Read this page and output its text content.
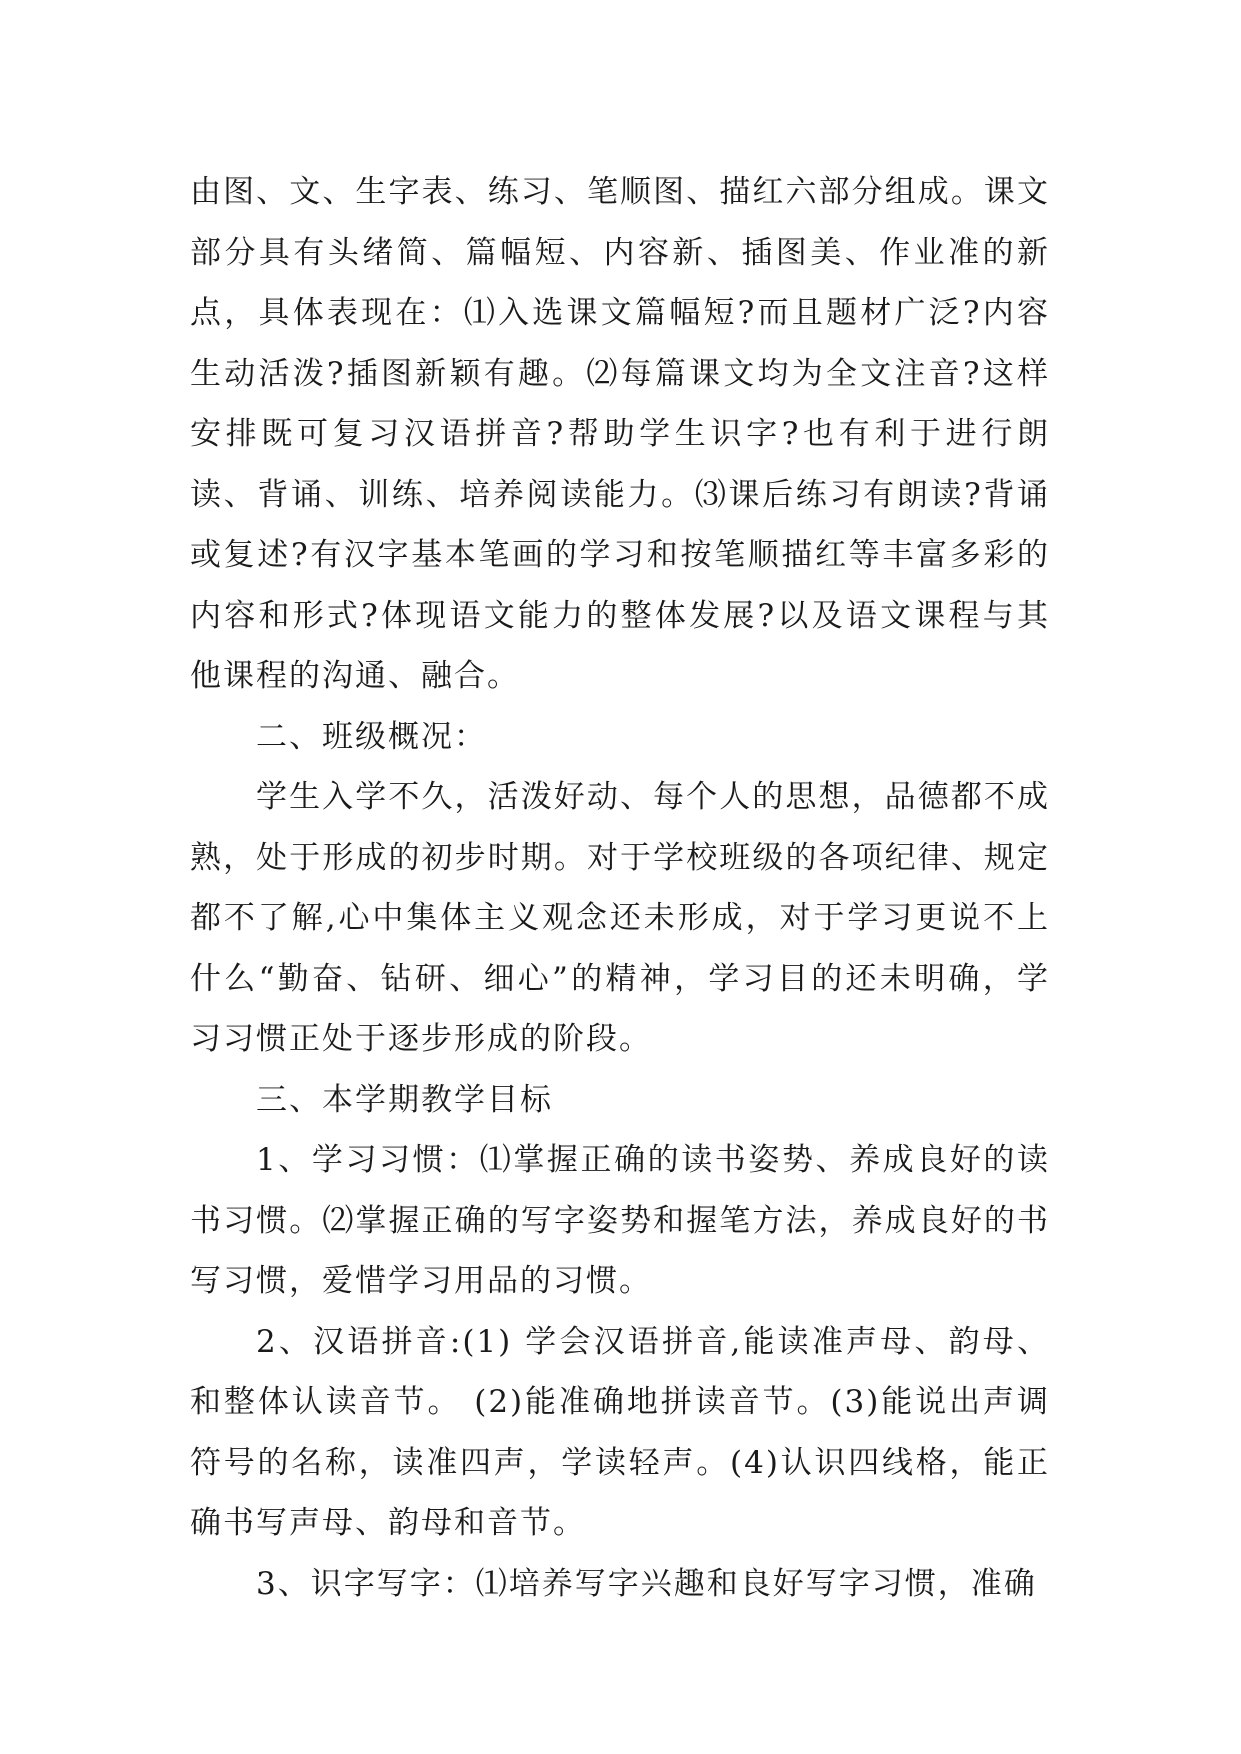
由图、文、生字表、练习、笔顺图、描红六部分组成。课文部分具有头绪简、篇幅短、内容新、插图美、作业准的新点，具体表现在：⑴入选课文篇幅短?而且题材广泛?内容生动活泼?插图新颖有趣。⑵每篇课文均为全文注音?这样安排既可复习汉语拼音?帮助学生识字?也有利于进行朗读、背诵、训练、培养阅读能力。⑶课后练习有朗读?背诵或复述?有汉字基本笔画的学习和按笔顺描红等丰富多彩的内容和形式?体现语文能力的整体发展?以及语文课程与其他课程的沟通、融合。

二、班级概况：

学生入学不久，活泼好动、每个人的思想，品德都不成熟，处于形成的初步时期。对于学校班级的各项纪律、规定都不了解,心中集体主义观念还未形成，对于学习更说不上什么“勤奋、钻研、细心”的精神，学习目的还未明确，学习习惯正处于逐步形成的阶段。

三、本学期教学目标

1、学习习惯：⑴掌握正确的读书姿势、养成良好的读书习惯。⑵掌握正确的写字姿势和握笔方法，养成良好的书写习惯，爱惜学习用品的习惯。

2、汉语拼音:(1) 学会汉语拼音,能读准声母、韵母、和整体认读音节。 (2)能准确地拼读音节。(3)能说出声调符号的名称，读准四声，学读轻声。(4)认识四线格，能正确书写声母、韵母和音节。

3、识字写字：⑴培养写字兴趣和良好写字习惯，准确
